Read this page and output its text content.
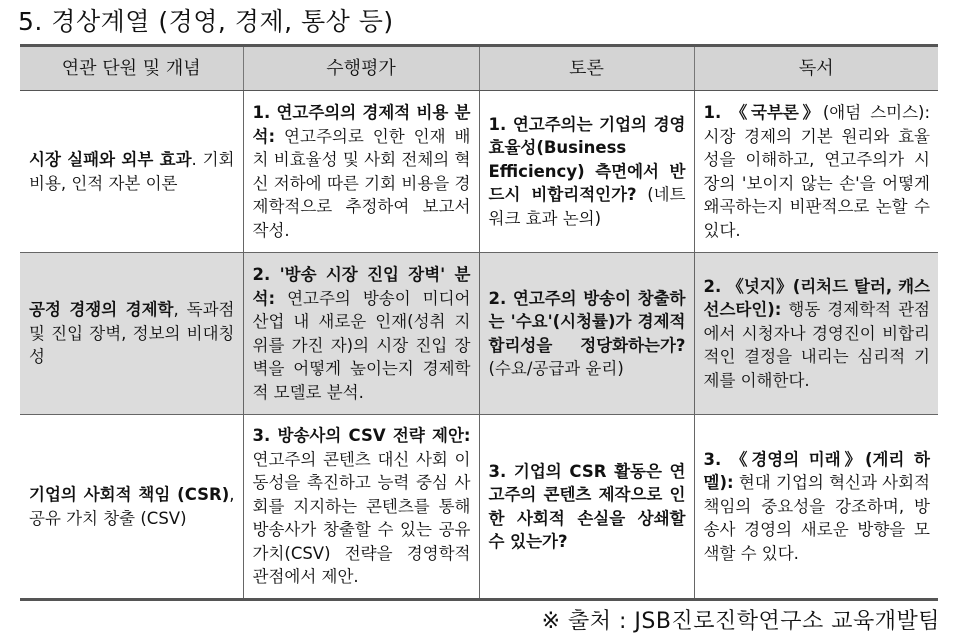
5. 경상계열 (경영, 경제, 통상 등)
연관 단원 및 개념	수행평가	토론	독서
시장 실패와 외부 효과. 기회 비용, 인적 자본 이론	1. 연고주의의 경제적 비용 분석: 연고주의로 인한 인재 배치 비효율성 및 사회 전체의 혁신 저하에 따른 기회 비용을 경제학적으로 추정하여 보고서 작성.	1. 연고주의는 기업의 경영 효율성(Business Efficiency) 측면에서 반드시 비합리적인가? (네트워크 효과 논의)	1. 《국부론》(애덤 스미스): 시장 경제의 기본 원리와 효율성을 이해하고, 연고주의가 시장의 '보이지 않는 손'을 어떻게 왜곡하는지 비판적으로 논할 수 있다.
공정 경쟁의 경제학, 독과점 및 진입 장벽, 정보의 비대칭성	2. '방송 시장 진입 장벽' 분석: 연고주의 방송이 미디어 산업 내 새로운 인재(성취 지위를 가진 자)의 시장 진입 장벽을 어떻게 높이는지 경제학적 모델로 분석.	2. 연고주의 방송이 창출하는 '수요'(시청률)가 경제적 합리성을 정당화하는가? (수요/공급과 윤리)	2. 《넛지》(리처드 탈러, 캐스 선스타인): 행동 경제학적 관점에서 시청자나 경영진이 비합리적인 결정을 내리는 심리적 기제를 이해한다.
기업의 사회적 책임 (CSR), 공유 가치 창출 (CSV)	3. 방송사의 CSV 전략 제안: 연고주의 콘텐츠 대신 사회 이동성을 촉진하고 능력 중심 사회를 지지하는 콘텐츠를 통해 방송사가 창출할 수 있는 공유 가치(CSV) 전략을 경영학적 관점에서 제안.	3. 기업의 CSR 활동은 연고주의 콘텐츠 제작으로 인한 사회적 손실을 상쇄할 수 있는가?	3. 《경영의 미래》(게리 하멜): 현대 기업의 혁신과 사회적 책임의 중요성을 강조하며, 방송사 경영의 새로운 방향을 모색할 수 있다.
※ 출처 : JSB진로진학연구소 교육개발팀
